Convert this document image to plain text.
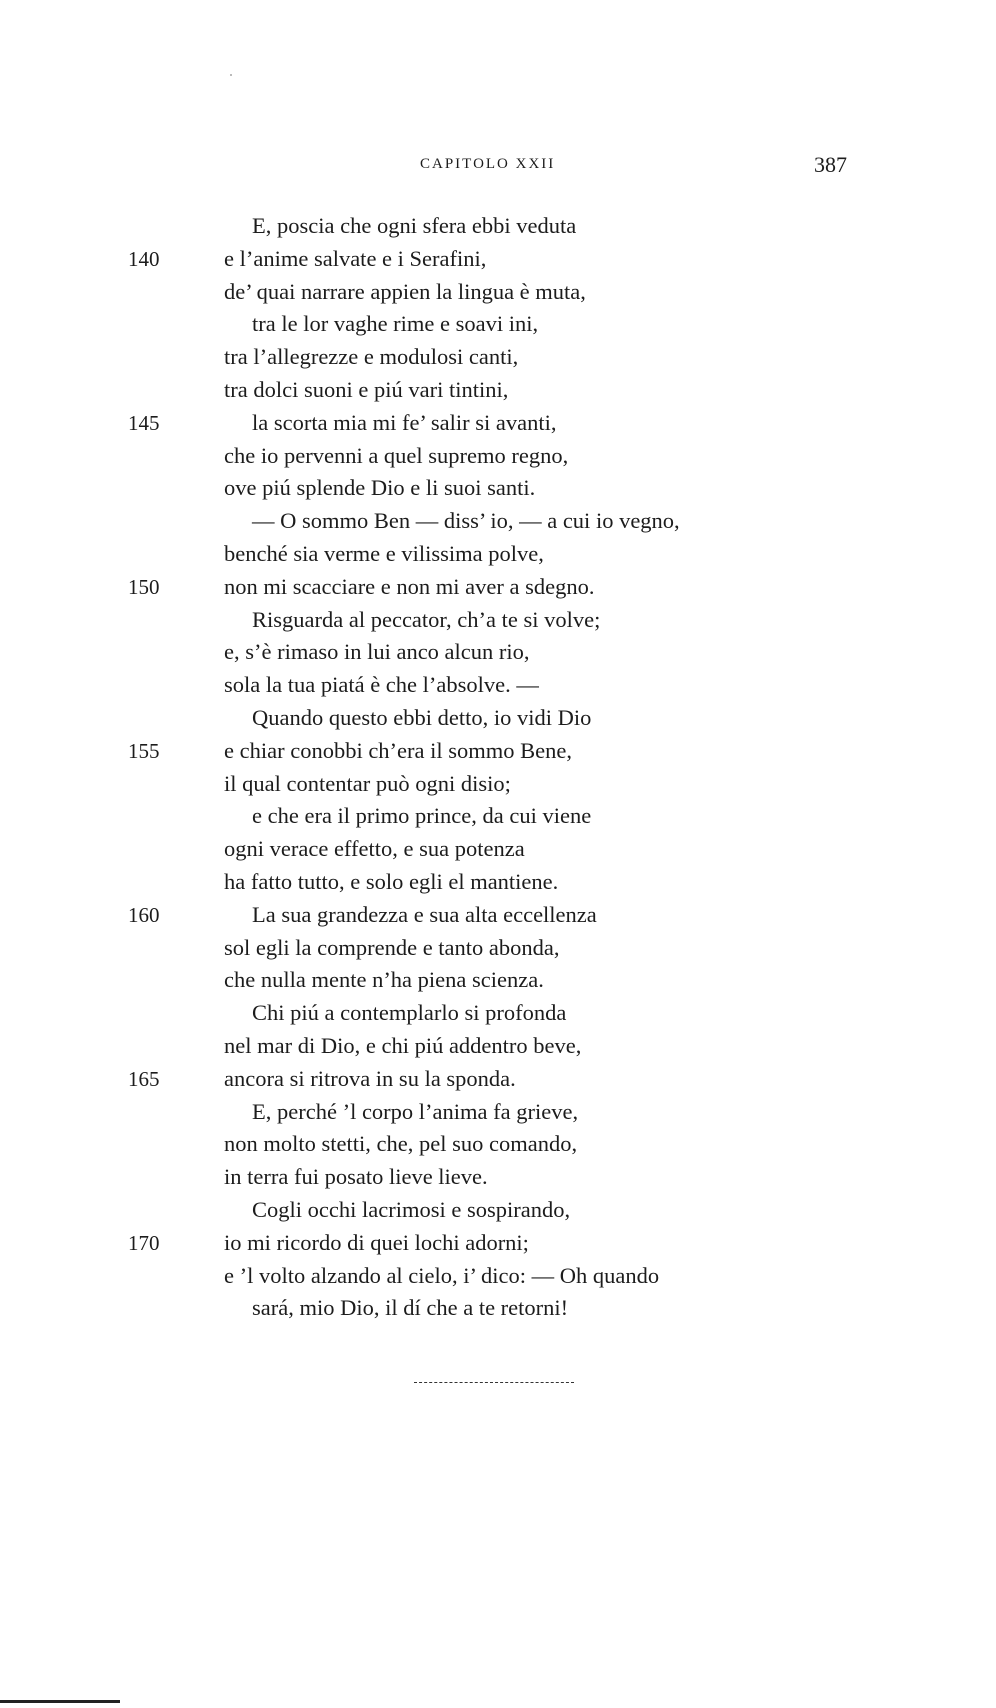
CAPITOLO XXII	387
E, poscia che ogni sfera ebbi veduta
140	e l’anime salvate e i Serafini,
de’ quai narrare appien la lingua è muta,
tra le lor vaghe rime e soavi ini,
tra l’allegrezze e modulosi canti,
tra dolci suoni e piú vari tintini,
145	la scorta mia mi fe’ salir si avanti,
che io pervenni a quel supremo regno,
ove piú splende Dio e li suoi santi.
— O sommo Ben — diss’ io, — a cui io vegno,
benché sia verme e vilissima polve,
150	non mi scacciare e non mi aver a sdegno.
Risguarda al peccator, ch’a te si volve;
e, s’è rimaso in lui anco alcun rio,
sola la tua piatá è che l’absolve. —
Quando questo ebbi detto, io vidi Dio
155	e chiar conobbi ch’era il sommo Bene,
il qual contentar può ogni disio;
e che era il primo prince, da cui viene
ogni verace effetto, e sua potenza
ha fatto tutto, e solo egli el mantiene.
160	La sua grandezza e sua alta eccellenza
sol egli la comprende e tanto abonda,
che nulla mente n’ha piena scienza.
Chi piú a contemplarlo si profonda
nel mar di Dio, e chi piú addentro beve,
165	ancora si ritrova in su la sponda.
E, perché ’l corpo l’anima fa grieve,
non molto stetti, che, pel suo comando,
in terra fui posato lieve lieve.
Cogli occhi lacrimosi e sospirando,
170	io mi ricordo di quei lochi adorni;
e ’l volto alzando al cielo, i’ dico: — Oh quando
sará, mio Dio, il dí che a te retorni!
